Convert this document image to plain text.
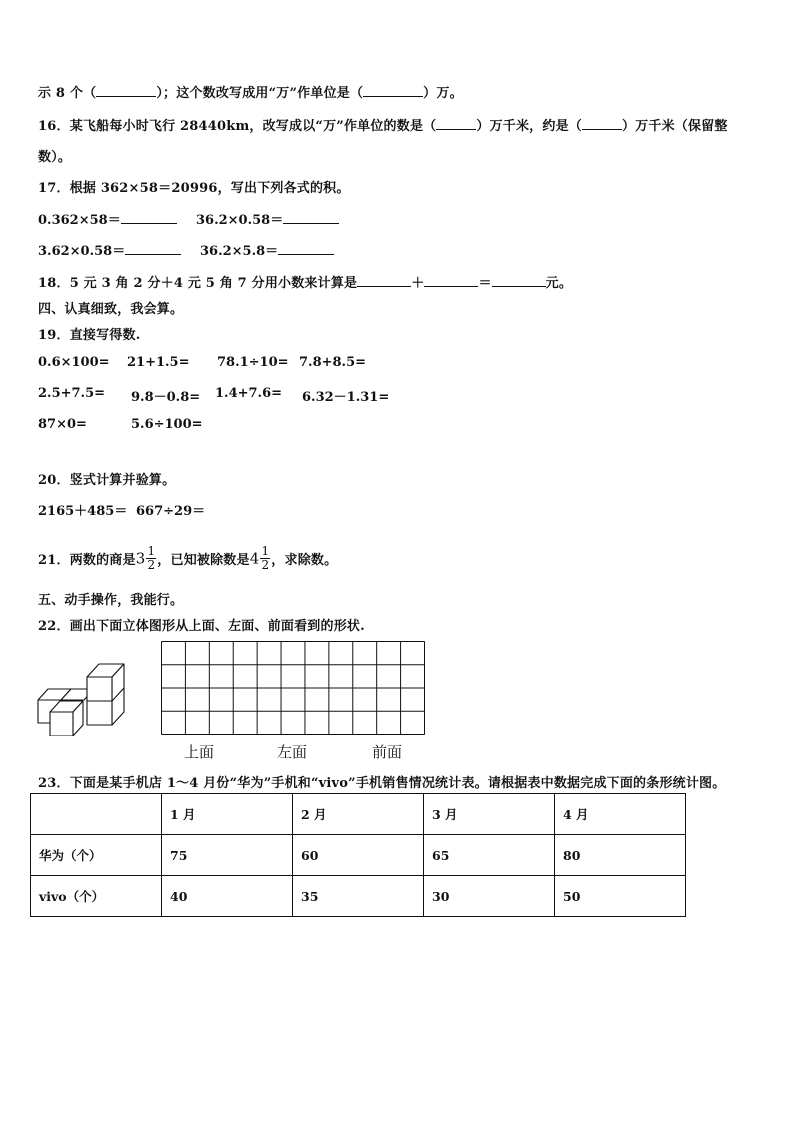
示 8 个（	）；这个数改写成用“万”作单位是（	）万。
16．某飞船每小时飞行 28440km，改写成以“万”作单位的数是（	）万千米，约是（	）万千米（保留整
数）。
17．根据 362×58＝20996，写出下列各式的积。
0.362×58＝	36.2×0.58＝
3.62×0.58＝	36.2×5.8＝
18．5 元 3 角 2 分＋4 元 5 角 7 分用小数来计算是	＋	＝	元。
四、认真细致，我会算。
19．直接写得数.
0.6×100= 21+1.5= 78.1÷10= 7.8+8.5=
2.5+7.5= 9.8－0.8= 1.4+7.6= 6.32－1.31=
87×0=	5.6÷100=
20．竖式计算并验算。
2165＋485＝ 667÷29＝
21．两数的商是$3 \frac{1}{2}$ ，已知被除数是$4 \frac{1}{2}$ ，求除数。
五、动手操作，我能行。
22．画出下面立体图形从上面、左面、前面看到的形状.
上面	左面	前面
23．下面是某手机店 1～4 月份“华为”手机和“vivo”手机销售情况统计表。请根据表中数据完成下面的条形统计图。
	1 月	2 月	3 月	4 月
华为（个）	75	60	65	80
vivo（个）	40	35	30	50
